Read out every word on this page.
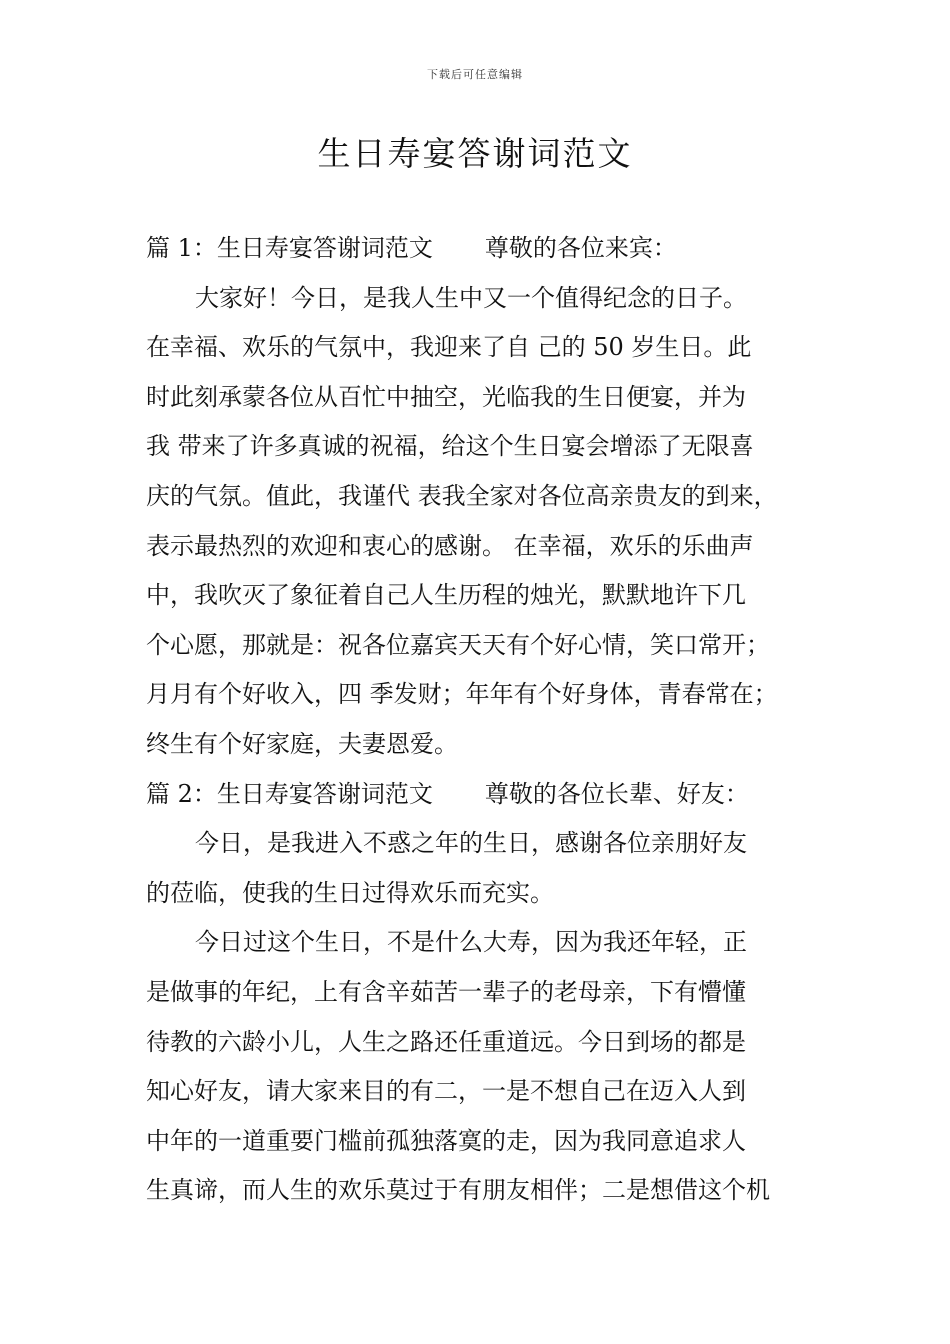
下载后可任意编辑
生日寿宴答谢词范文
篇 1：生日寿宴答谢词范文 尊敬的各位来宾：
大家好！今日，是我人生中又一个值得纪念的日子。
在幸福、欢乐的气氛中，我迎来了自 己的 50 岁生日。此
时此刻承蒙各位从百忙中抽空，光临我的生日便宴，并为
我 带来了许多真诚的祝福，给这个生日宴会增添了无限喜
庆的气氛。值此，我谨代 表我全家对各位高亲贵友的到来，
表示最热烈的欢迎和衷心的感谢。 在幸福，欢乐的乐曲声
中，我吹灭了象征着自己人生历程的烛光，默默地许下几
个心愿，那就是：祝各位嘉宾天天有个好心情，笑口常开；
月月有个好收入，四 季发财；年年有个好身体，青春常在；
终生有个好家庭，夫妻恩爱。
篇 2：生日寿宴答谢词范文 尊敬的各位长辈、好友：
今日，是我进入不惑之年的生日，感谢各位亲朋好友
的莅临，使我的生日过得欢乐而充实。
今日过这个生日，不是什么大寿，因为我还年轻，正
是做事的年纪，上有含辛茹苦一辈子的老母亲，下有懵懂
待教的六龄小儿，人生之路还任重道远。今日到场的都是
知心好友，请大家来目的有二，一是不想自己在迈入人到
中年的一道重要门槛前孤独落寞的走，因为我同意追求人
生真谛，而人生的欢乐莫过于有朋友相伴；二是想借这个机
